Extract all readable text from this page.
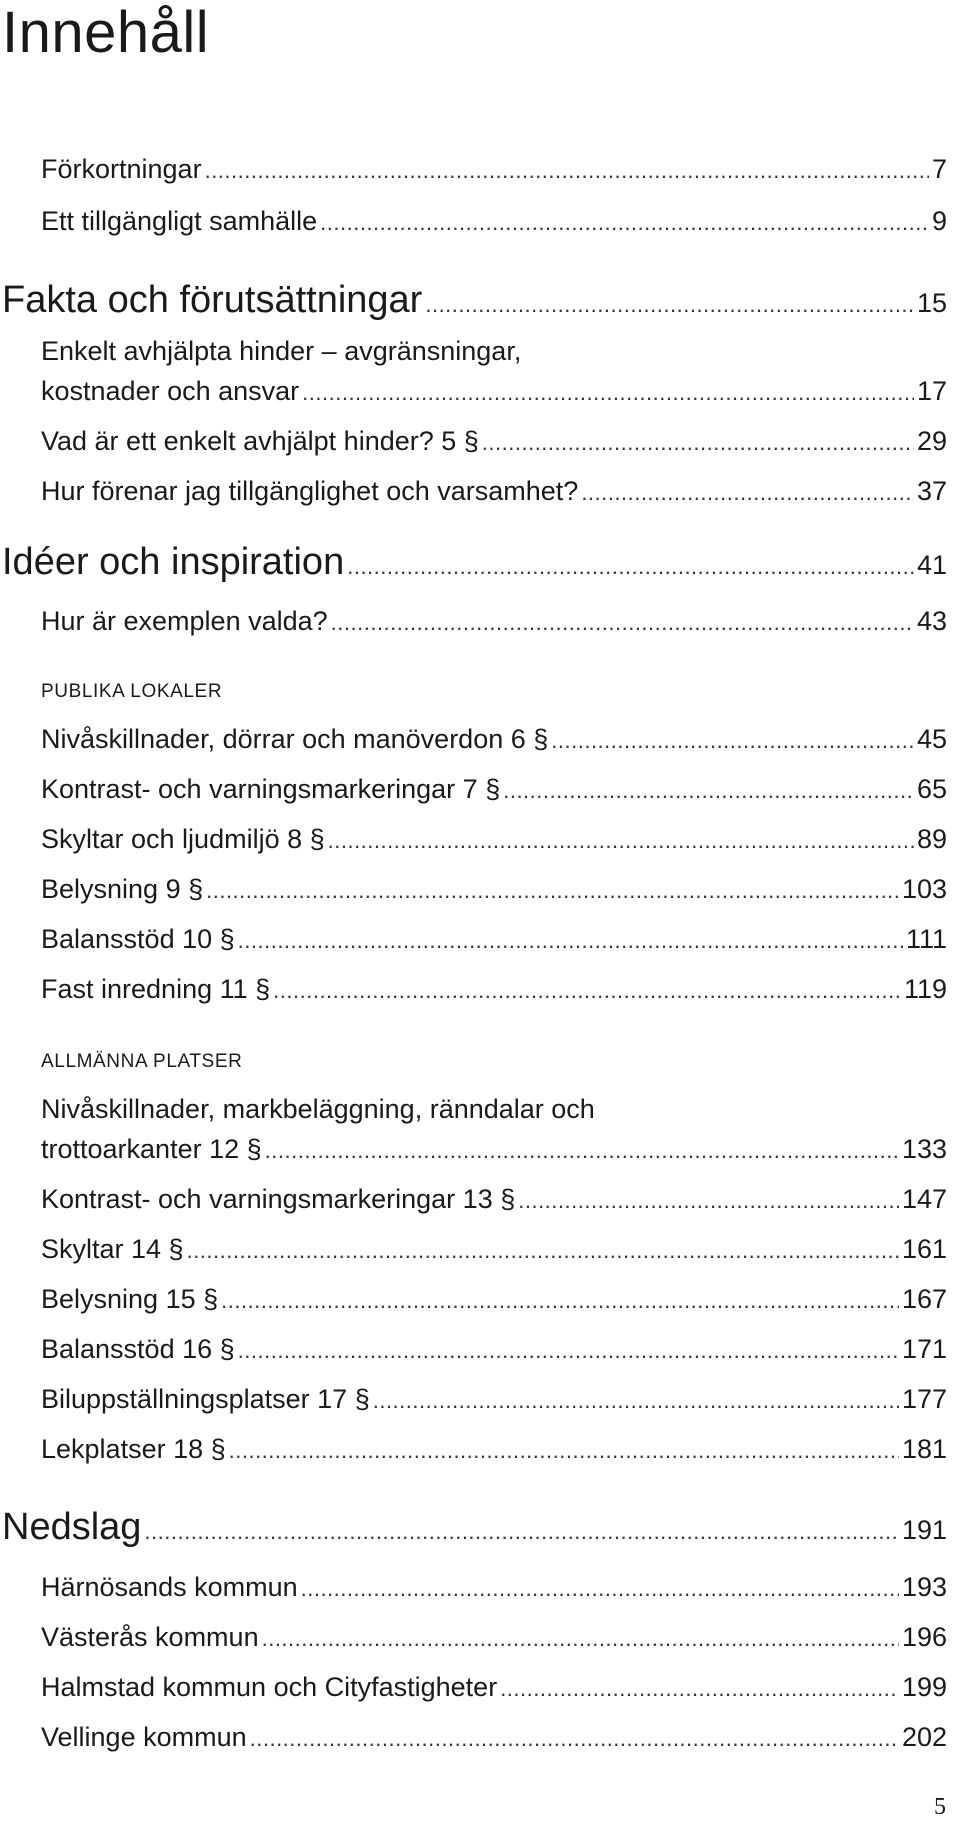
Innehåll
Förkortningar .....	7
Ett tillgängligt samhälle .....	9
Fakta och förutsättningar .....	15
Enkelt avhjälpta hinder – avgränsningar,
kostnader och ansvar .....	17
Vad är ett enkelt avhjälpt hinder? 5 § .....	29
Hur förenar jag tillgänglighet och varsamhet? .....	37
Idéer och inspiration .....	41
Hur är exemplen valda? .....	43
PUBLIKA LOKALER
Nivåskillnader, dörrar och manöverdon 6 § .....	45
Kontrast- och varningsmarkeringar 7 § .....	65
Skyltar och ljudmiljö 8 § .....	89
Belysning 9 § .....	103
Balansstöd 10 § .....	111
Fast inredning 11 § .....	119
ALLMÄNNA PLATSER
Nivåskillnader, markbeläggning, ränndalar och
trottoarkanter 12 § .....	133
Kontrast- och varningsmarkeringar 13 § .....	147
Skyltar 14 § .....	161
Belysning 15 § .....	167
Balansstöd 16 § .....	171
Biluppställningsplatser 17 § .....	177
Lekplatser 18 § .....	181
Nedslag .....	191
Härnösands kommun .....	193
Västerås kommun .....	196
Halmstad kommun och Cityfastigheter .....	199
Vellinge kommun .....	202
5
